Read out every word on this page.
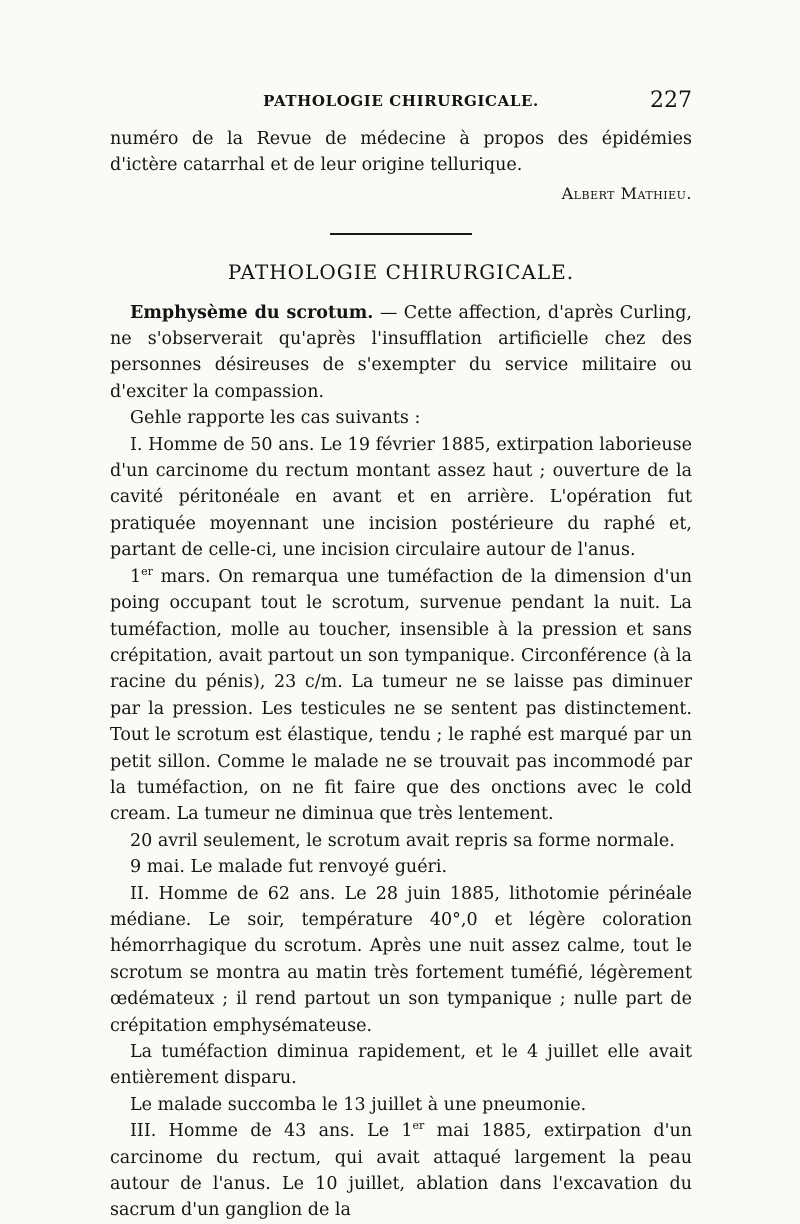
PATHOLOGIE CHIRURGICALE.	227

numéro de la Revue de médecine à propos des épidémies d'ictère catarrhal et de leur origine tellurique.

Albert Mathieu.

PATHOLOGIE CHIRURGICALE.

Emphysème du scrotum. — Cette affection, d'après Curling, ne s'observerait qu'après l'insufflation artificielle chez des personnes désireuses de s'exempter du service militaire ou d'exciter la compassion.

Gehle rapporte les cas suivants :

I. Homme de 50 ans. Le 19 février 1885, extirpation laborieuse d'un carcinome du rectum montant assez haut ; ouverture de la cavité péritonéale en avant et en arrière. L'opération fut pratiquée moyennant une incision postérieure du raphé et, partant de celle-ci, une incision circulaire autour de l'anus.

1er mars. On remarqua une tuméfaction de la dimension d'un poing occupant tout le scrotum, survenue pendant la nuit. La tuméfaction, molle au toucher, insensible à la pression et sans crépitation, avait partout un son tympanique. Circonférence (à la racine du pénis), 23 c/m. La tumeur ne se laisse pas diminuer par la pression. Les testicules ne se sentent pas distinctement. Tout le scrotum est élastique, tendu ; le raphé est marqué par un petit sillon. Comme le malade ne se trouvait pas incommodé par la tuméfaction, on ne fit faire que des onctions avec le cold cream. La tumeur ne diminua que très lentement.

20 avril seulement, le scrotum avait repris sa forme normale.

9 mai. Le malade fut renvoyé guéri.

II. Homme de 62 ans. Le 28 juin 1885, lithotomie périnéale médiane. Le soir, température 40°,0 et légère coloration hémorrhagique du scrotum. Après une nuit assez calme, tout le scrotum se montra au matin très fortement tuméfié, légèrement œdémateux ; il rend partout un son tympanique ; nulle part de crépitation emphysémateuse.

La tuméfaction diminua rapidement, et le 4 juillet elle avait entièrement disparu.

Le malade succomba le 13 juillet à une pneumonie.

III. Homme de 43 ans. Le 1er mai 1885, extirpation d'un carcinome du rectum, qui avait attaqué largement la peau autour de l'anus. Le 10 juillet, ablation dans l'excavation du sacrum d'un ganglion de la
